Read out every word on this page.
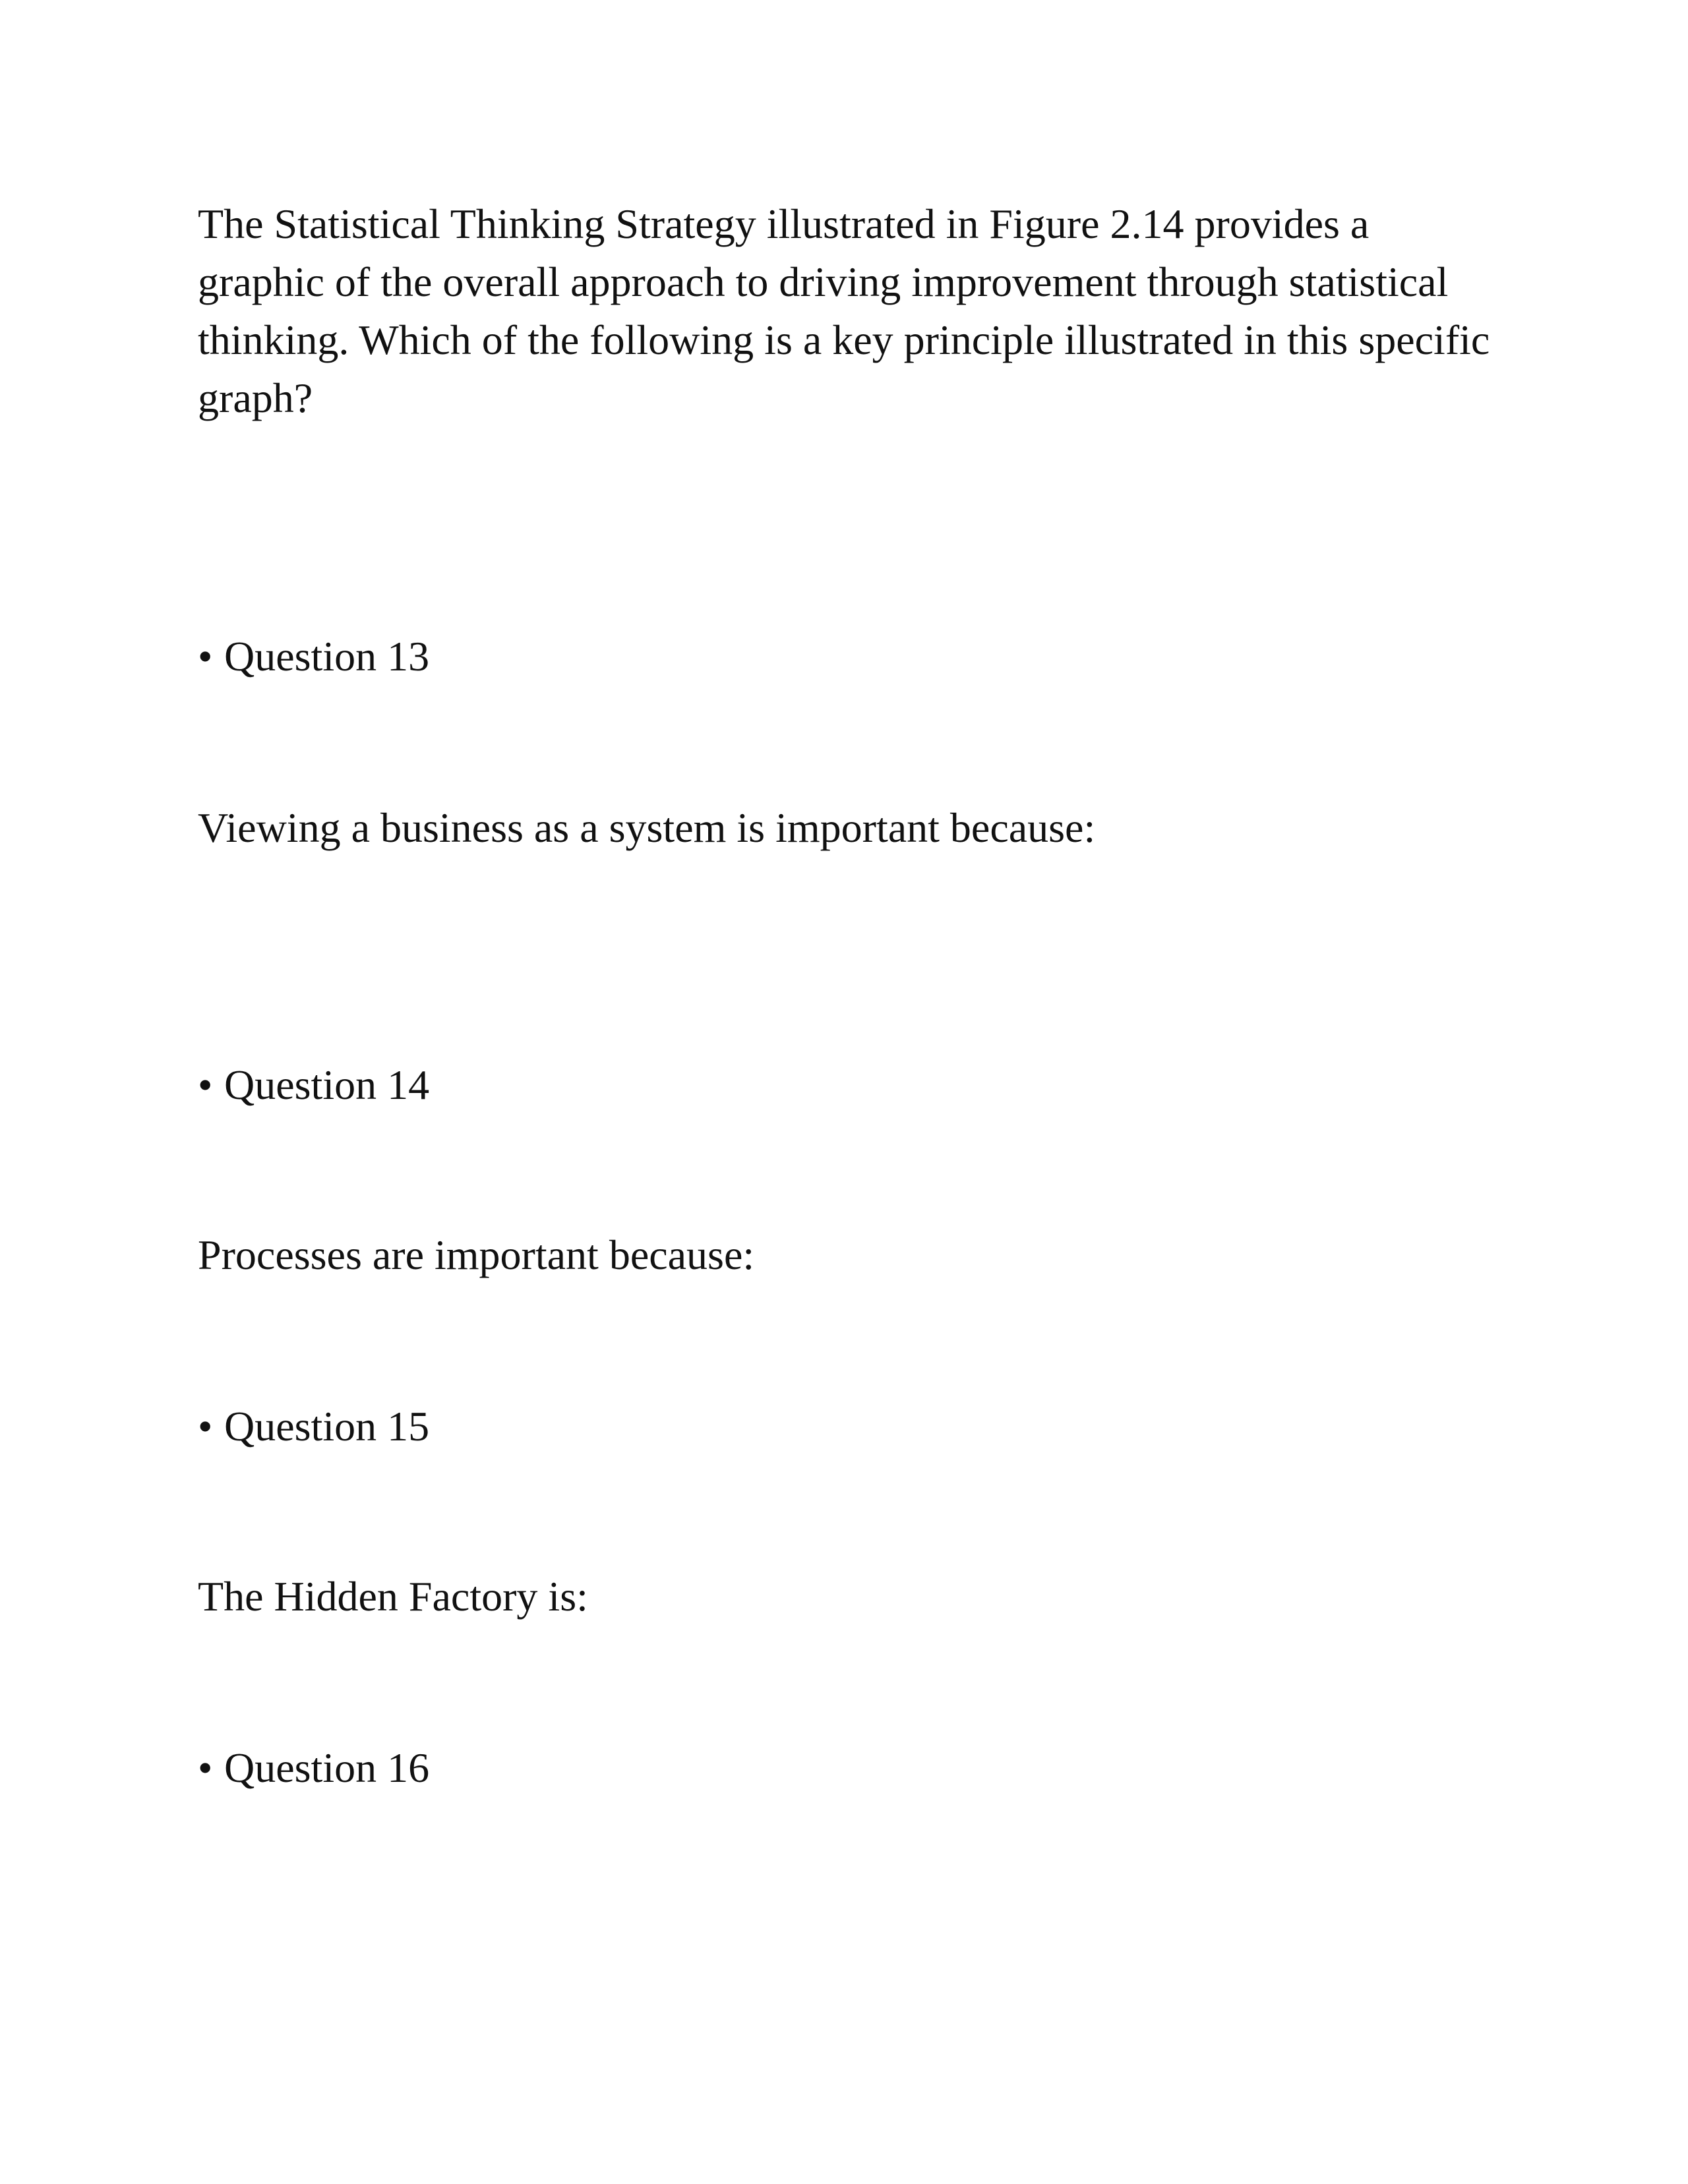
The Statistical Thinking Strategy illustrated in Figure 2.14 provides a graphic of the overall approach to driving improvement through statistical thinking. Which of the following is a key principle illustrated in this specific graph?

• Question 13

Viewing a business as a system is important because:

• Question 14

Processes are important because:

• Question 15

The Hidden Factory is:

• Question 16
